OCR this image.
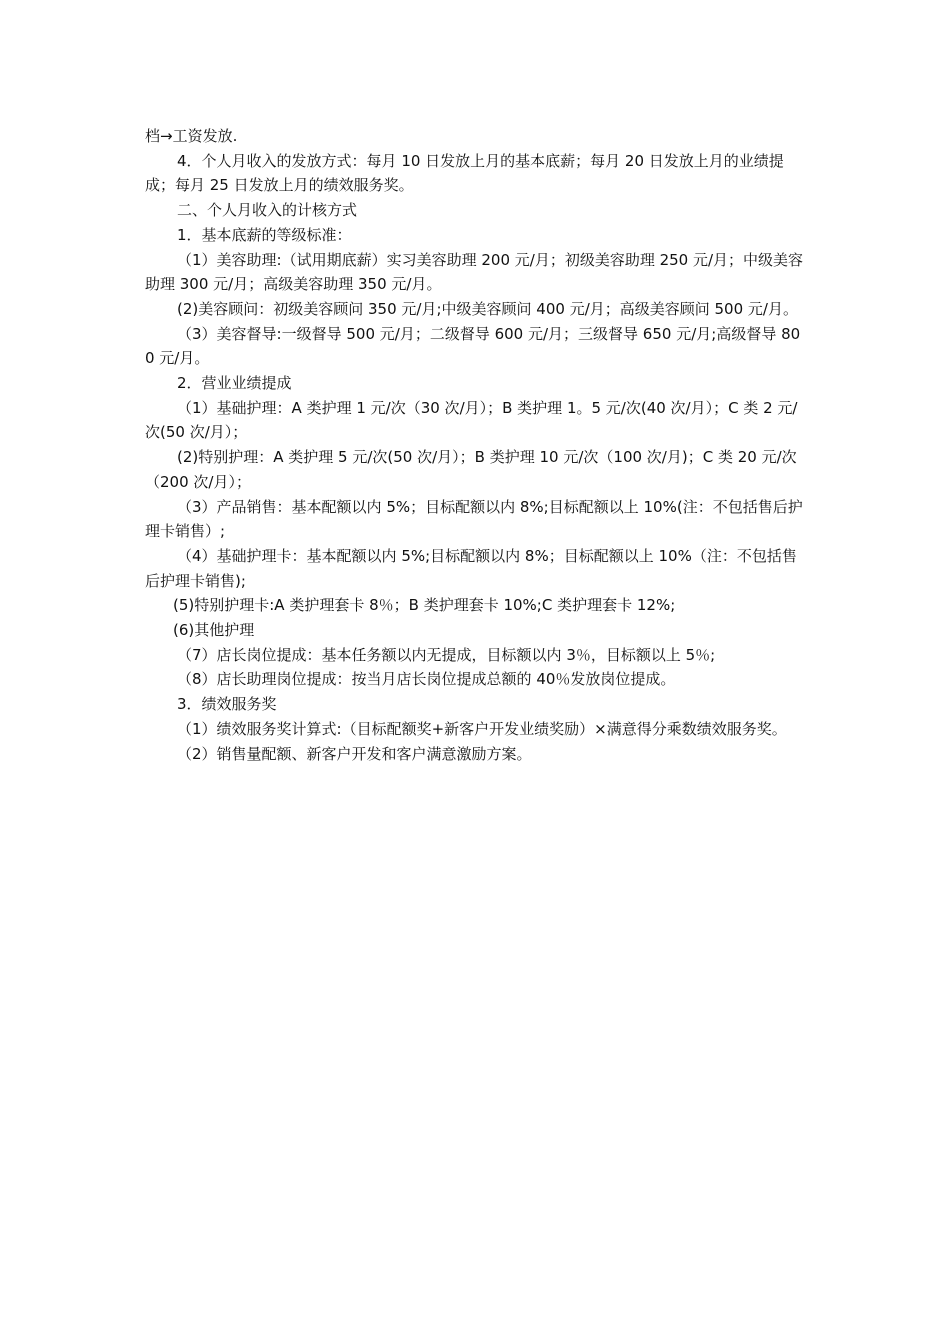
档→工资发放.

4．个人月收入的发放方式：每月 10 日发放上月的基本底薪；每月 20 日发放上月的业绩提成；每月 25 日发放上月的绩效服务奖。

二、个人月收入的计核方式

1．基本底薪的等级标准：

（1）美容助理:（试用期底薪）实习美容助理 200 元/月；初级美容助理 250 元/月；中级美容助理 300 元/月；高级美容助理 350 元/月。

(2)美容顾问：初级美容顾问 350 元/月;中级美容顾问 400 元/月；高级美容顾问 500 元/月。

（3）美容督导:一级督导 500 元/月；二级督导 600 元/月；三级督导 650 元/月;高级督导 800 元/月。

2．营业业绩提成

（1）基础护理：A 类护理 1 元/次（30 次/月）；B 类护理 1。5 元/次(40 次/月）；C 类 2 元/次(50 次/月）；

(2)特别护理：A 类护理 5 元/次(50 次/月）；B 类护理 10 元/次（100 次/月)；C 类 20 元/次（200 次/月）；

（3）产品销售：基本配额以内 5%；目标配额以内 8%;目标配额以上 10%(注：不包括售后护理卡销售）;

（4）基础护理卡：基本配额以内 5%;目标配额以内 8%；目标配额以上 10%（注：不包括售后护理卡销售);

(5)特别护理卡:A 类护理套卡 8％；B 类护理套卡 10%;C 类护理套卡 12%;

(6)其他护理

（7）店长岗位提成：基本任务额以内无提成，目标额以内 3％，目标额以上 5％;

（8）店长助理岗位提成：按当月店长岗位提成总额的 40％发放岗位提成。

3．绩效服务奖

（1）绩效服务奖计算式:（目标配额奖+新客户开发业绩奖励）×满意得分乘数绩效服务奖。

（2）销售量配额、新客户开发和客户满意激励方案。
